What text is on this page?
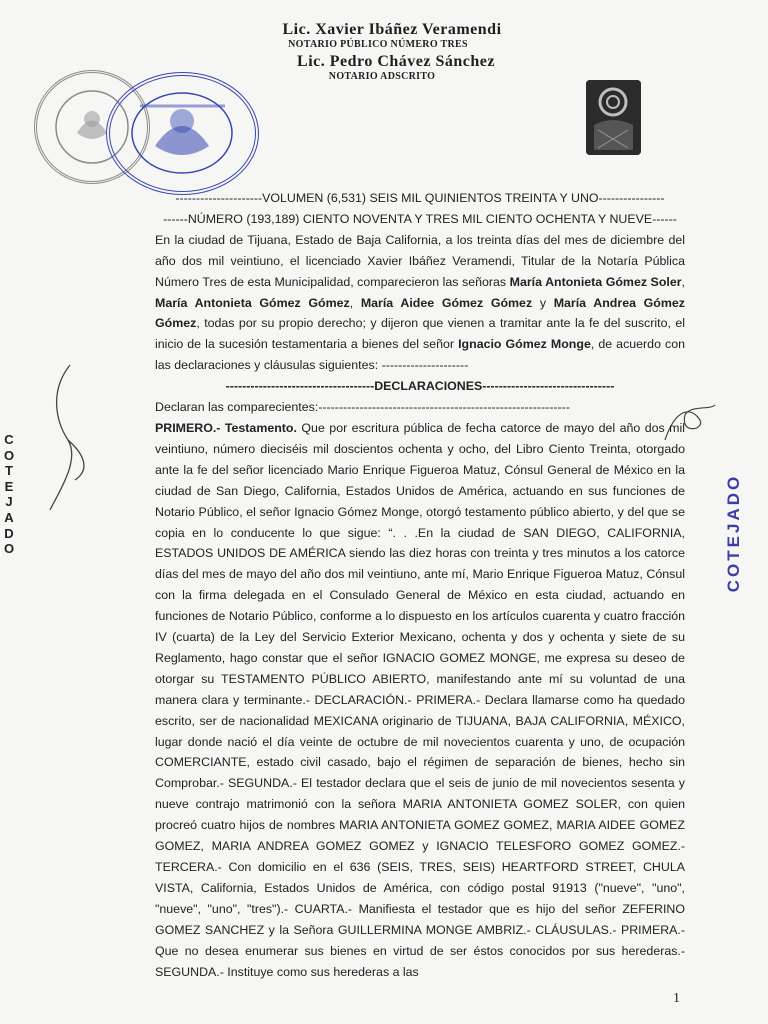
Lic. Xavier Ibáñez Veramendi
NOTARIO PÚBLICO NÚMERO TRES
Lic. Pedro Chávez Sánchez
NOTARIO ADSCRITO
C
O
T
E
J
A
D
O	COTEJADO

---------------------VOLUMEN (6,531) SEIS MIL QUINIENTOS TREINTA Y UNO----------------

------NÚMERO (193,189) CIENTO NOVENTA Y TRES MIL CIENTO OCHENTA Y NUEVE------

En la ciudad de Tijuana, Estado de Baja California, a los treinta días del mes de diciembre del año dos mil veintiuno, el licenciado Xavier Ibáñez Veramendi, Titular de la Notaría Pública Número Tres de esta Municipalidad, comparecieron las señoras María Antonieta Gómez Soler, María Antonieta Gómez Gómez, María Aidee Gómez Gómez y María Andrea Gómez Gómez, todas por su propio derecho; y dijeron que vienen a tramitar ante la fe del suscrito, el inicio de la sucesión testamentaria a bienes del señor Ignacio Gómez Monge, de acuerdo con las declaraciones y cláusulas siguientes: ---------------------

------------------------------------DECLARACIONES--------------------------------

Declaran las comparecientes:-------------------------------------------------------------

PRIMERO.- Testamento. Que por escritura pública de fecha catorce de mayo del año dos mil veintiuno, número dieciséis mil doscientos ochenta y ocho, del Libro Ciento Treinta, otorgado ante la fe del señor licenciado Mario Enrique Figueroa Matuz, Cónsul General de México en la ciudad de San Diego, California, Estados Unidos de América, actuando en sus funciones de Notario Público, el señor Ignacio Gómez Monge, otorgó testamento público abierto, y del que se copia en lo conducente lo que sigue: “. . .En la ciudad de SAN DIEGO, CALIFORNIA, ESTADOS UNIDOS DE AMÉRICA siendo las diez horas con treinta y tres minutos a los catorce días del mes de mayo del año dos mil veintiuno, ante mí, Mario Enrique Figueroa Matuz, Cónsul con la firma delegada en el Consulado General de México en esta ciudad, actuando en funciones de Notario Público, conforme a lo dispuesto en los artículos cuarenta y cuatro fracción IV (cuarta) de la Ley del Servicio Exterior Mexicano, ochenta y dos y ochenta y siete de su Reglamento, hago constar que el señor IGNACIO GOMEZ MONGE, me expresa su deseo de otorgar su TESTAMENTO PÚBLICO ABIERTO, manifestando ante mí su voluntad de una manera clara y terminante.- DECLARACIÓN.- PRIMERA.- Declara llamarse como ha quedado escrito, ser de nacionalidad MEXICANA originario de TIJUANA, BAJA CALIFORNIA, MÉXICO, lugar donde nació el día veinte de octubre de mil novecientos cuarenta y uno, de ocupación COMERCIANTE, estado civil casado, bajo el régimen de separación de bienes, hecho sin Comprobar.- SEGUNDA.- El testador declara que el seis de junio de mil novecientos sesenta y nueve contrajo matrimonió con la señora MARIA ANTONIETA GOMEZ SOLER, con quien procreó cuatro hijos de nombres MARIA ANTONIETA GOMEZ GOMEZ, MARIA AIDEE GOMEZ GOMEZ, MARIA ANDREA GOMEZ GOMEZ y IGNACIO TELESFORO GOMEZ GOMEZ.- TERCERA.- Con domicilio en el 636 (SEIS, TRES, SEIS) HEARTFORD STREET, CHULA VISTA, California, Estados Unidos de América, con código postal 91913 ("nueve", "uno", "nueve", "uno", "tres").- CUARTA.- Manifiesta el testador que es hijo del señor ZEFERINO GOMEZ SANCHEZ y la Señora GUILLERMINA MONGE AMBRIZ.- CLÁUSULAS.- PRIMERA.- Que no desea enumerar sus bienes en virtud de ser éstos conocidos por sus herederas.- SEGUNDA.- Instituye como sus herederas a las

1
